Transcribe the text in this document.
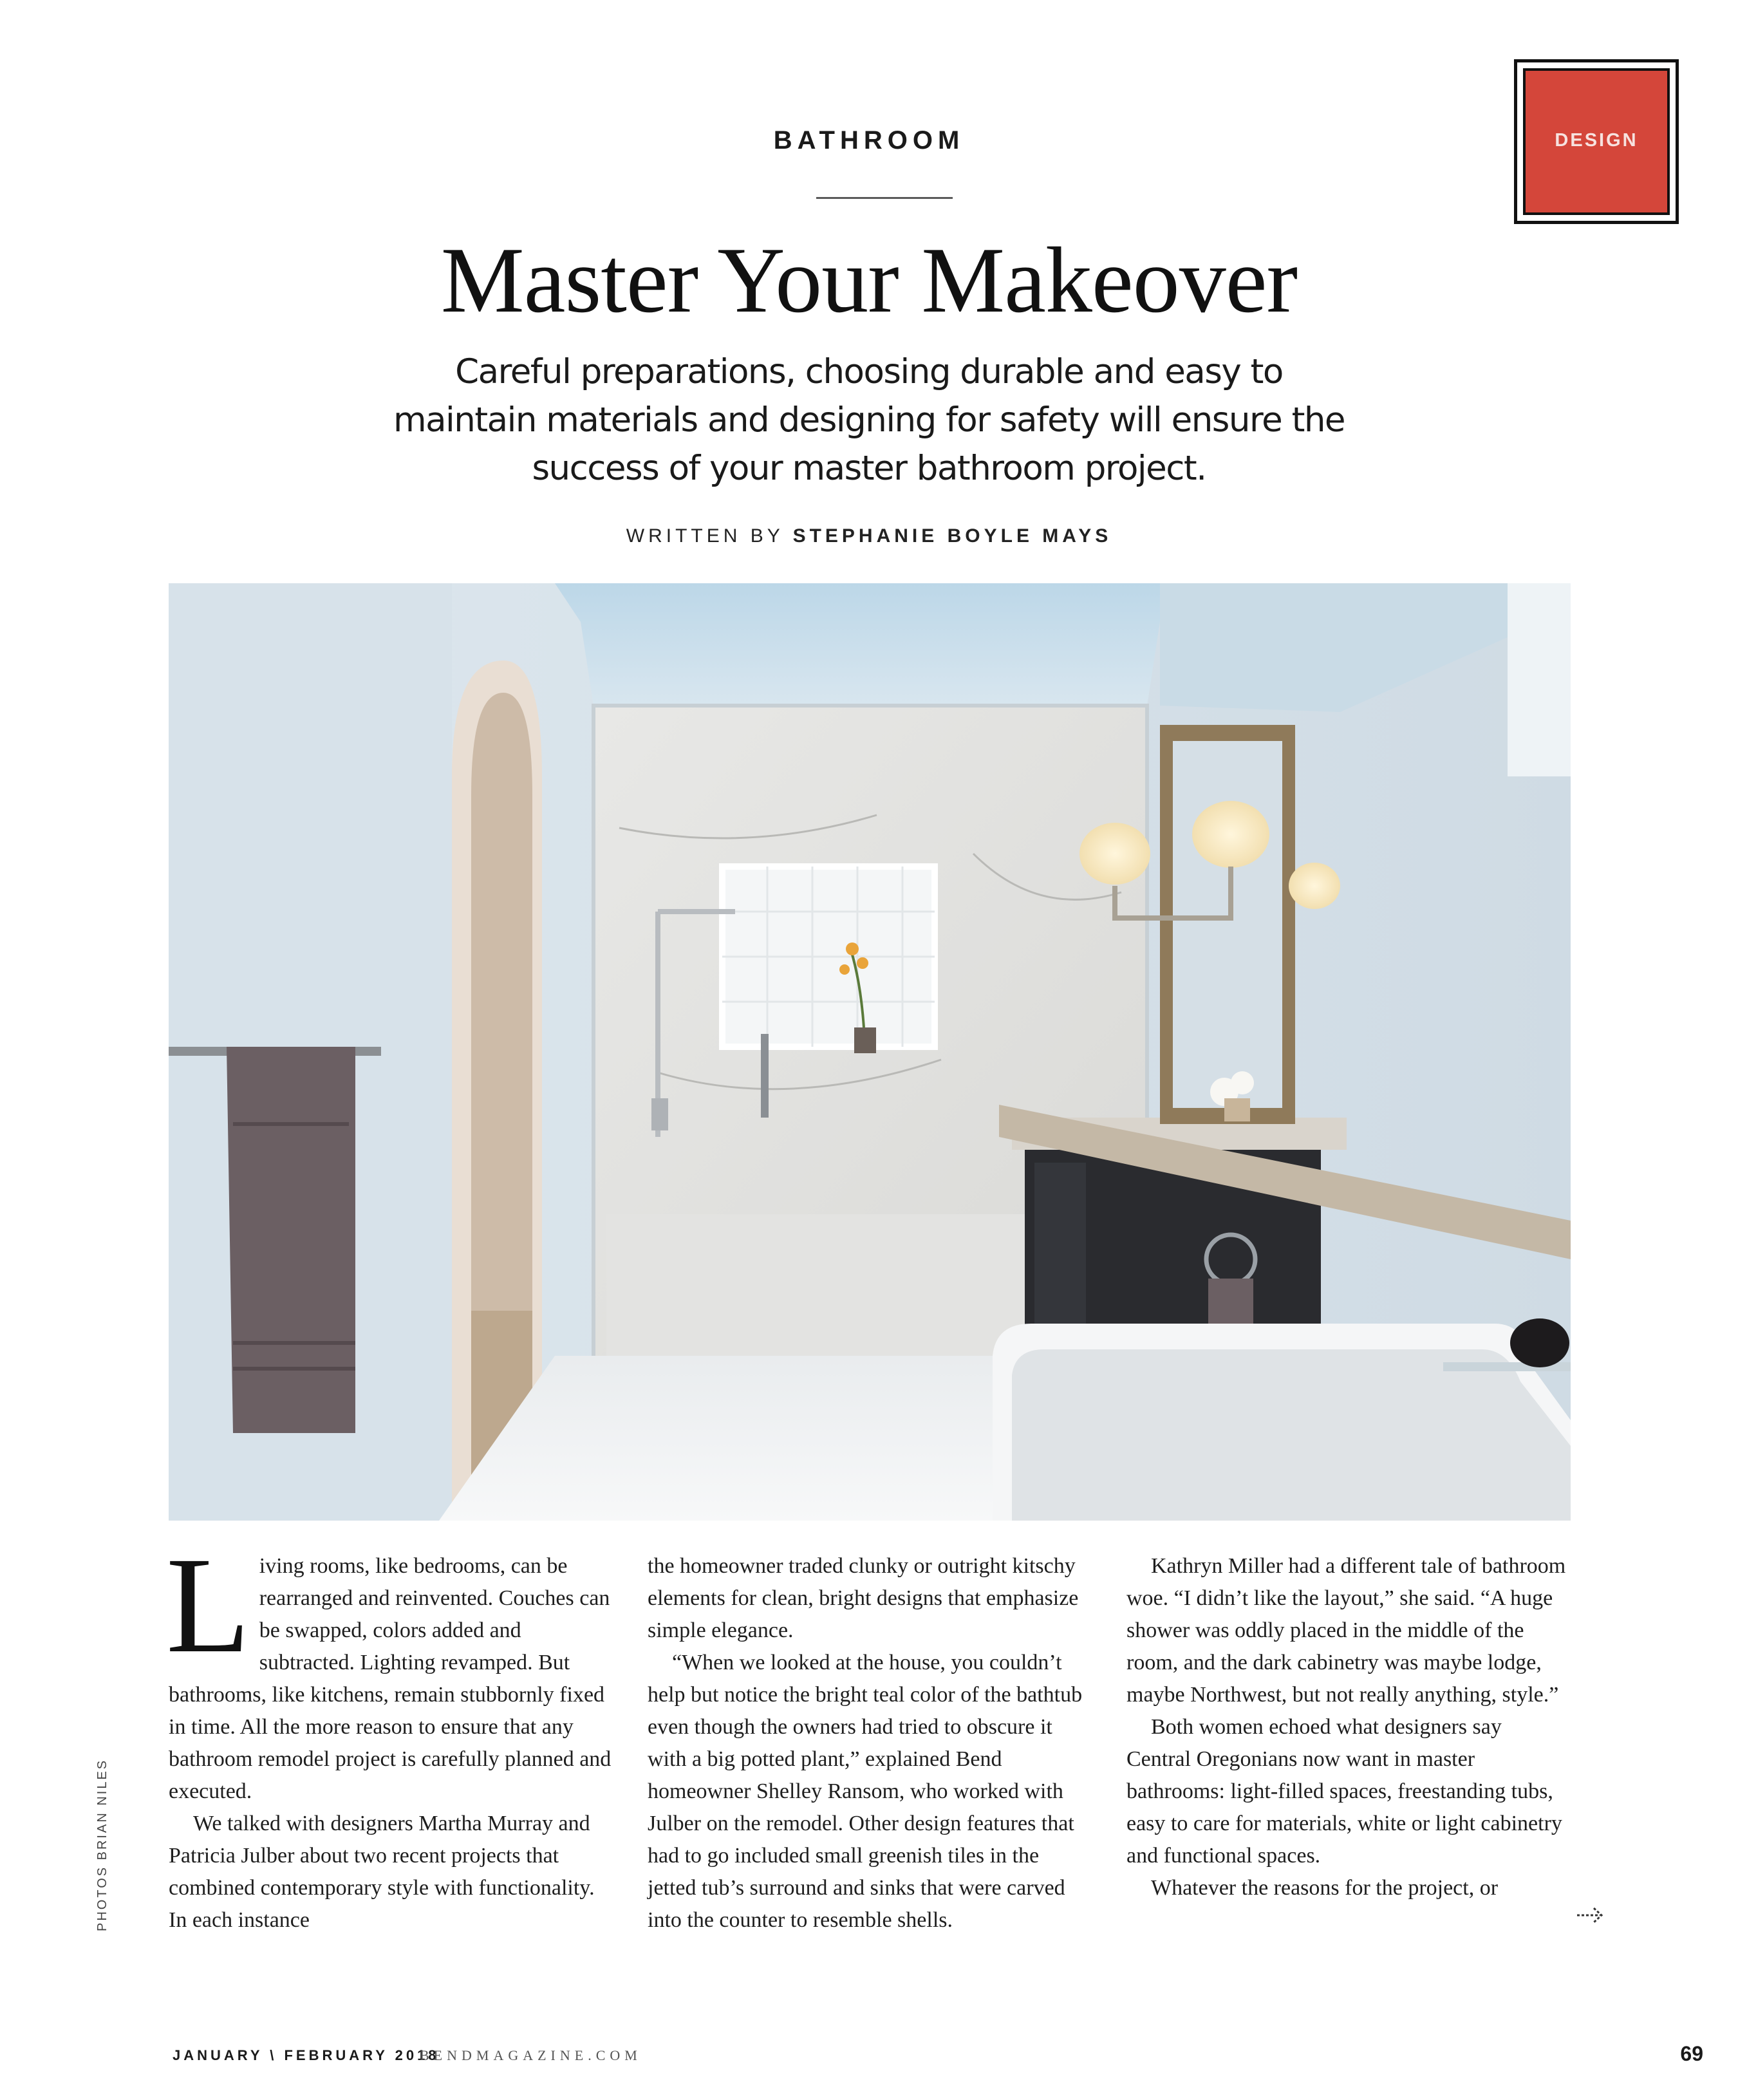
BATHROOM	DESIGN
Master Your Makeover
Careful preparations, choosing durable and easy to maintain materials and designing for safety will ensure the success of your master bathroom project.
WRITTEN BY STEPHANIE BOYLE MAYS
L iving rooms, like bedrooms, can be rearranged and reinvented. Couches can be swapped, colors added and subtracted. Lighting revamped. But bathrooms, like kitchens, remain stubbornly fixed in time. All the more reason to ensure that any bathroom remodel project is carefully planned and executed.

We talked with designers Martha Murray and Patricia Julber about two recent projects that combined contemporary style with functionality. In each instance

the homeowner traded clunky or outright kitschy elements for clean, bright designs that emphasize simple elegance.

“When we looked at the house, you couldn’t help but notice the bright teal color of the bathtub even though the owners had tried to obscure it with a big potted plant,” explained Bend homeowner Shelley Ransom, who worked with Julber on the remodel. Other design features that had to go included small greenish tiles in the jetted tub’s surround and sinks that were carved into the counter to resemble shells.

Kathryn Miller had a different tale of bathroom woe. “I didn’t like the layout,” she said. “A huge shower was oddly placed in the middle of the room, and the dark cabinetry was maybe lodge, maybe Northwest, but not really anything, style.”

Both women echoed what designers say Central Oregonians now want in master bathrooms: light-filled spaces, freestanding tubs, easy to care for materials, white or light cabinetry and functional spaces.

Whatever the reasons for the project, or

PHOTOS BRIAN NILES
JANUARY \ FEBRUARY 2018
BENDMAGAZINE.COM	69
